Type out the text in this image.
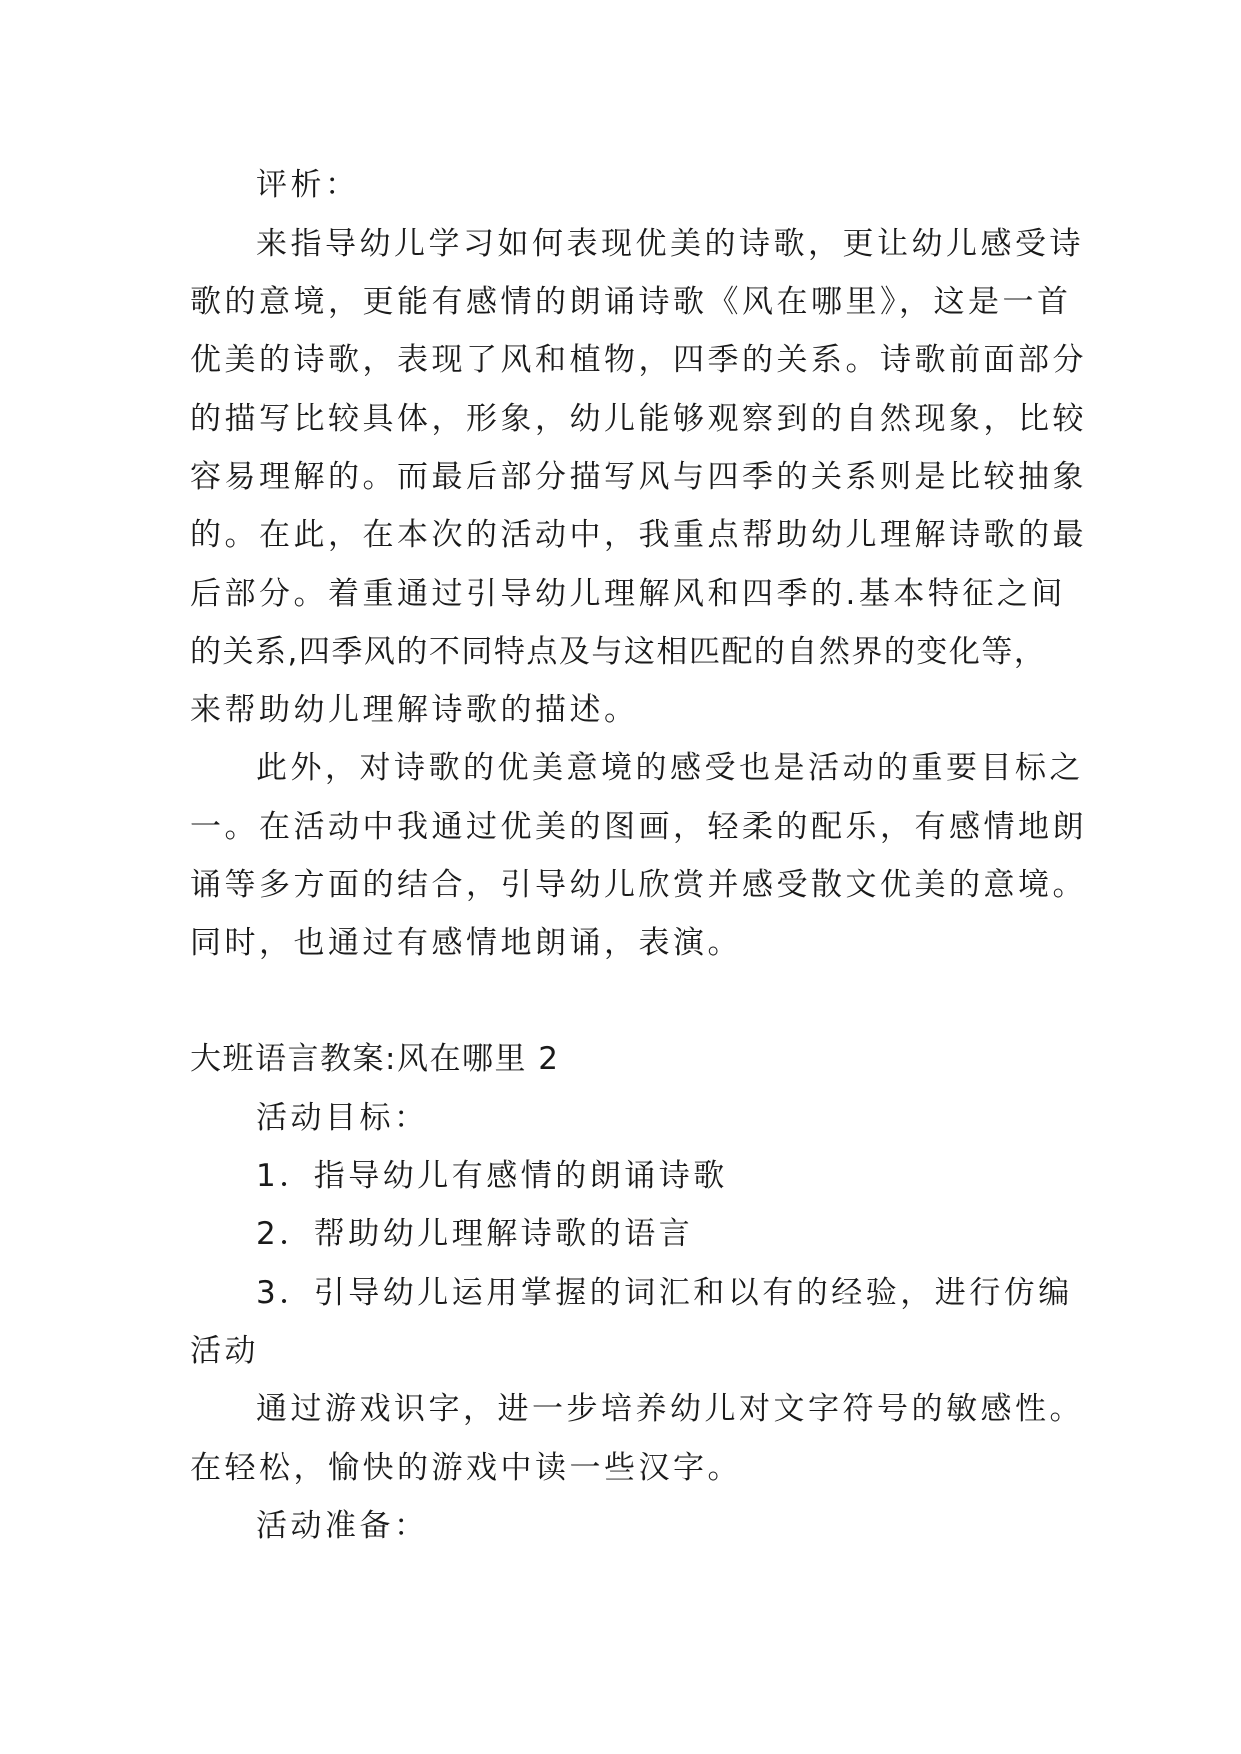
评析：
来指导幼儿学习如何表现优美的诗歌，更让幼儿感受诗
歌的意境，更能有感情的朗诵诗歌《风在哪里》，这是一首
优美的诗歌，表现了风和植物，四季的关系。诗歌前面部分
的描写比较具体，形象，幼儿能够观察到的自然现象，比较
容易理解的。而最后部分描写风与四季的关系则是比较抽象
的。在此，在本次的活动中，我重点帮助幼儿理解诗歌的最
后部分。着重通过引导幼儿理解风和四季的.基本特征之间
的关系,四季风的不同特点及与这相匹配的自然界的变化等，
来帮助幼儿理解诗歌的描述。
此外，对诗歌的优美意境的感受也是活动的重要目标之
一。在活动中我通过优美的图画，轻柔的配乐，有感情地朗
诵等多方面的结合，引导幼儿欣赏并感受散文优美的意境。
同时，也通过有感情地朗诵，表演。
大班语言教案:风在哪里 2
活动目标：
1．指导幼儿有感情的朗诵诗歌
2．帮助幼儿理解诗歌的语言
3．引导幼儿运用掌握的词汇和以有的经验，进行仿编
活动
通过游戏识字，进一步培养幼儿对文字符号的敏感性。
在轻松，愉快的游戏中读一些汉字。
活动准备：
